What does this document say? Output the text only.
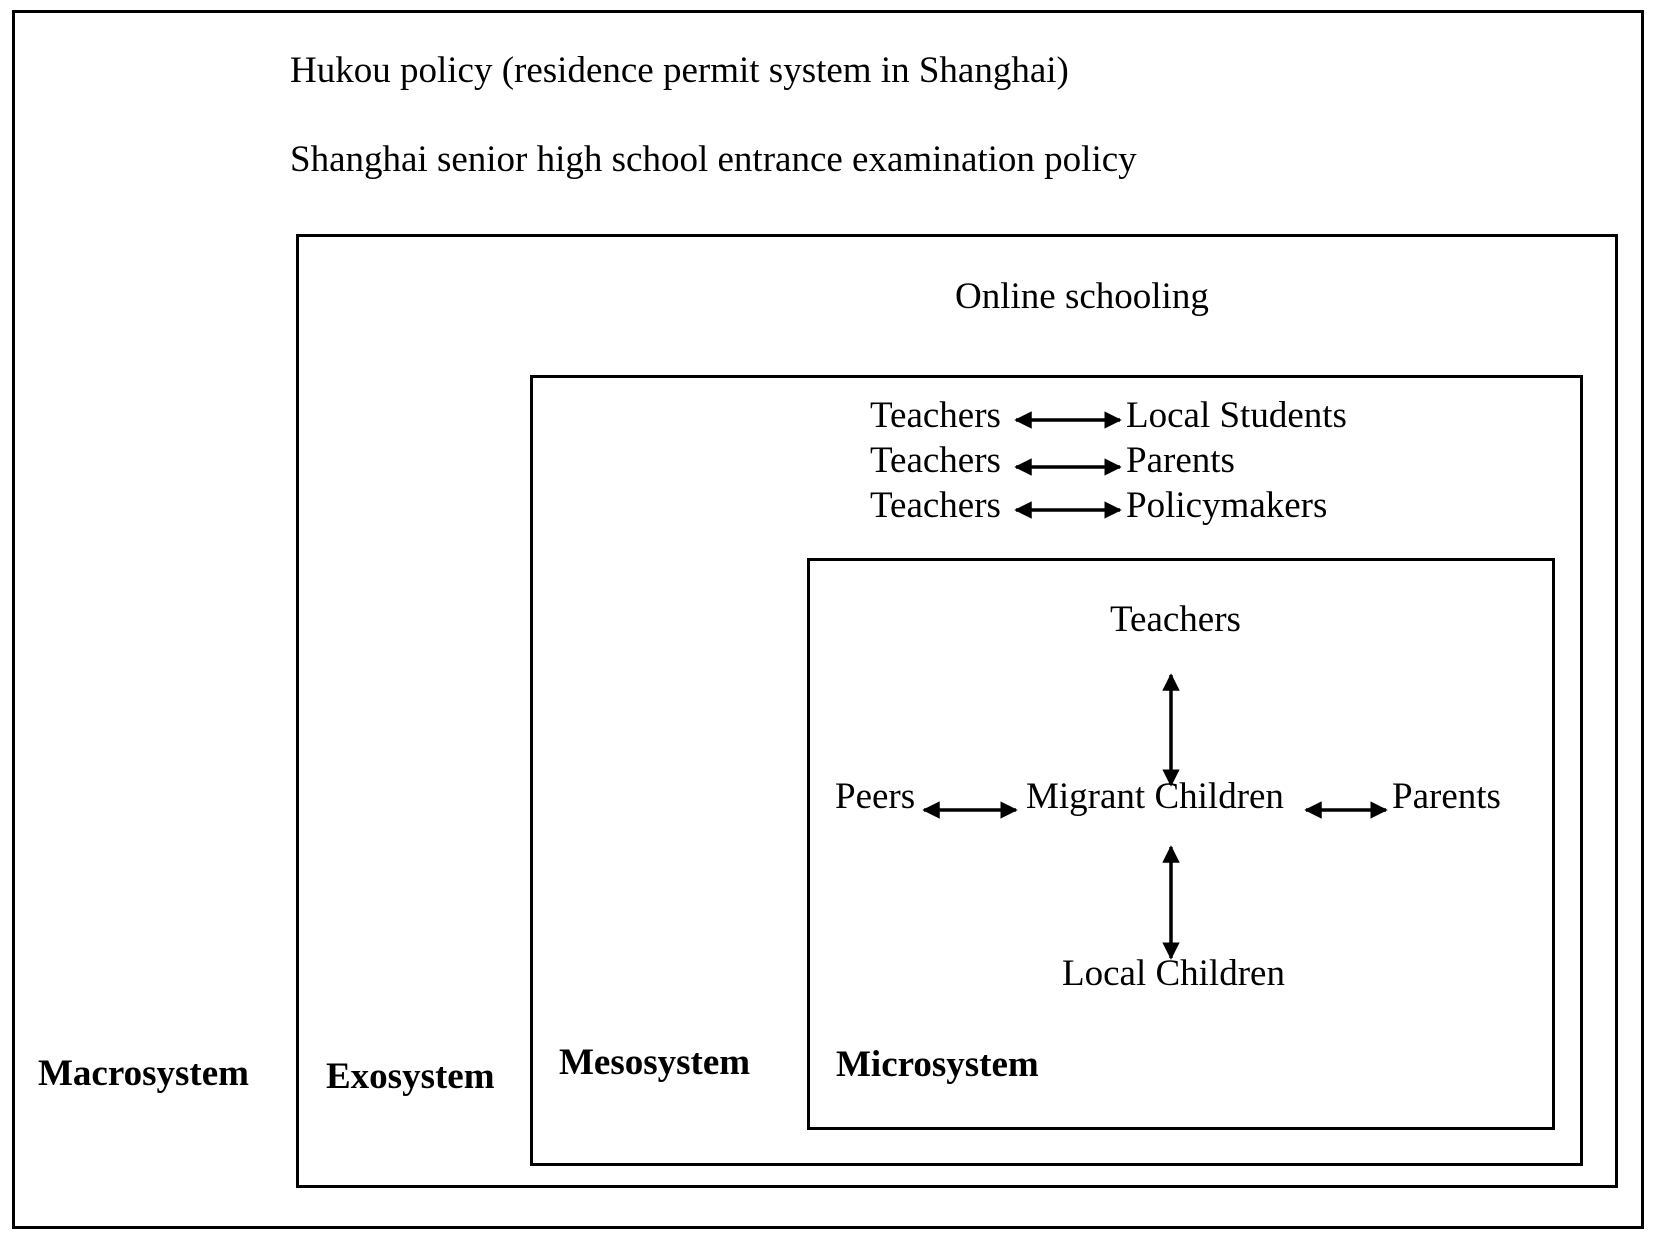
Hukou policy (residence permit system in Shanghai)
Shanghai senior high school entrance examination policy
Macrosystem
Online schooling
Exosystem
Teachers	Local Students
Teachers	Parents
Teachers	Policymakers
Mesosystem
Teachers
Peers	Migrant Children	Parents
Local Children
Microsystem
